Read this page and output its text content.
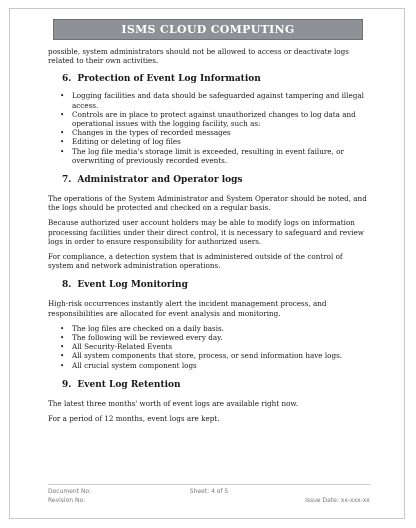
ISMS CLOUD COMPUTING

possible, system administrators should not be allowed to access or deactivate logs related to their own activities.

6. Protection of Event Log Information
• Logging facilities and data should be safeguarded against tampering and illegal access.
• Controls are in place to protect against unauthorized changes to log data and operational issues with the logging facility, such as:
• Changes in the types of recorded messages
• Editing or deleting of log files
• The log file media's storage limit is exceeded, resulting in event failure, or overwriting of previously recorded events.
7. Administrator and Operator logs

The operations of the System Administrator and System Operator should be noted, and the logs should be protected and checked on a regular basis.

Because authorized user account holders may be able to modify logs on information processing facilities under their direct control, it is necessary to safeguard and review logs in order to ensure responsibility for authorized users.

For compliance, a detection system that is administered outside of the control of system and network administration operations.

8. Event Log Monitoring

High-risk occurrences instantly alert the incident management process, and responsibilities are allocated for event analysis and monitoring.

• The log files are checked on a daily basis.
• The following will be reviewed every day.
• All Security-Related Events
• All system components that store, process, or send information have logs.
• All crucial system component logs
9. Event Log Retention

The latest three months' worth of event logs are available right now.

For a period of 12 months, event logs are kept.

Document No:	Sheet: 4 of 5
Revision No:	Issue Date: xx-xxx-xx
